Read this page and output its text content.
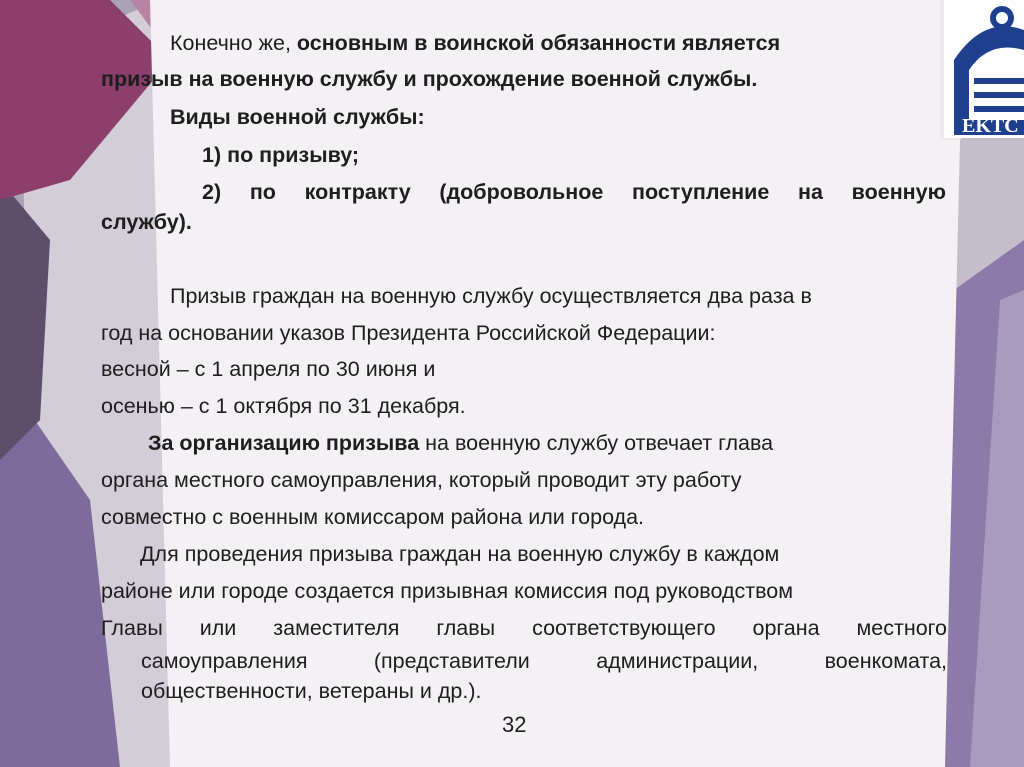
EKTC
Конечно же, основным в воинской обязанности является
призыв на военную службу и прохождение военной службы.
Виды военной службы:
1) по призыву;
2) по контракту (добровольное поступление на военную
службу).
Призыв граждан на военную службу осуществляется два раза в
год на основании указов Президента Российской Федерации:
весной – с 1 апреля по 30 июня и
осенью – с 1 октября по 31 декабря.
За организацию призыва на военную службу отвечает глава
органа местного самоуправления, который проводит эту работу
совместно с военным комиссаром района или города.
Для проведения призыва граждан на военную службу в каждом
районе или городе создается призывная комиссия под руководством
Главы или заместителя главы соответствующего органа местного
самоуправления (представители администрации, военкомата,
общественности, ветераны и др.).
32
